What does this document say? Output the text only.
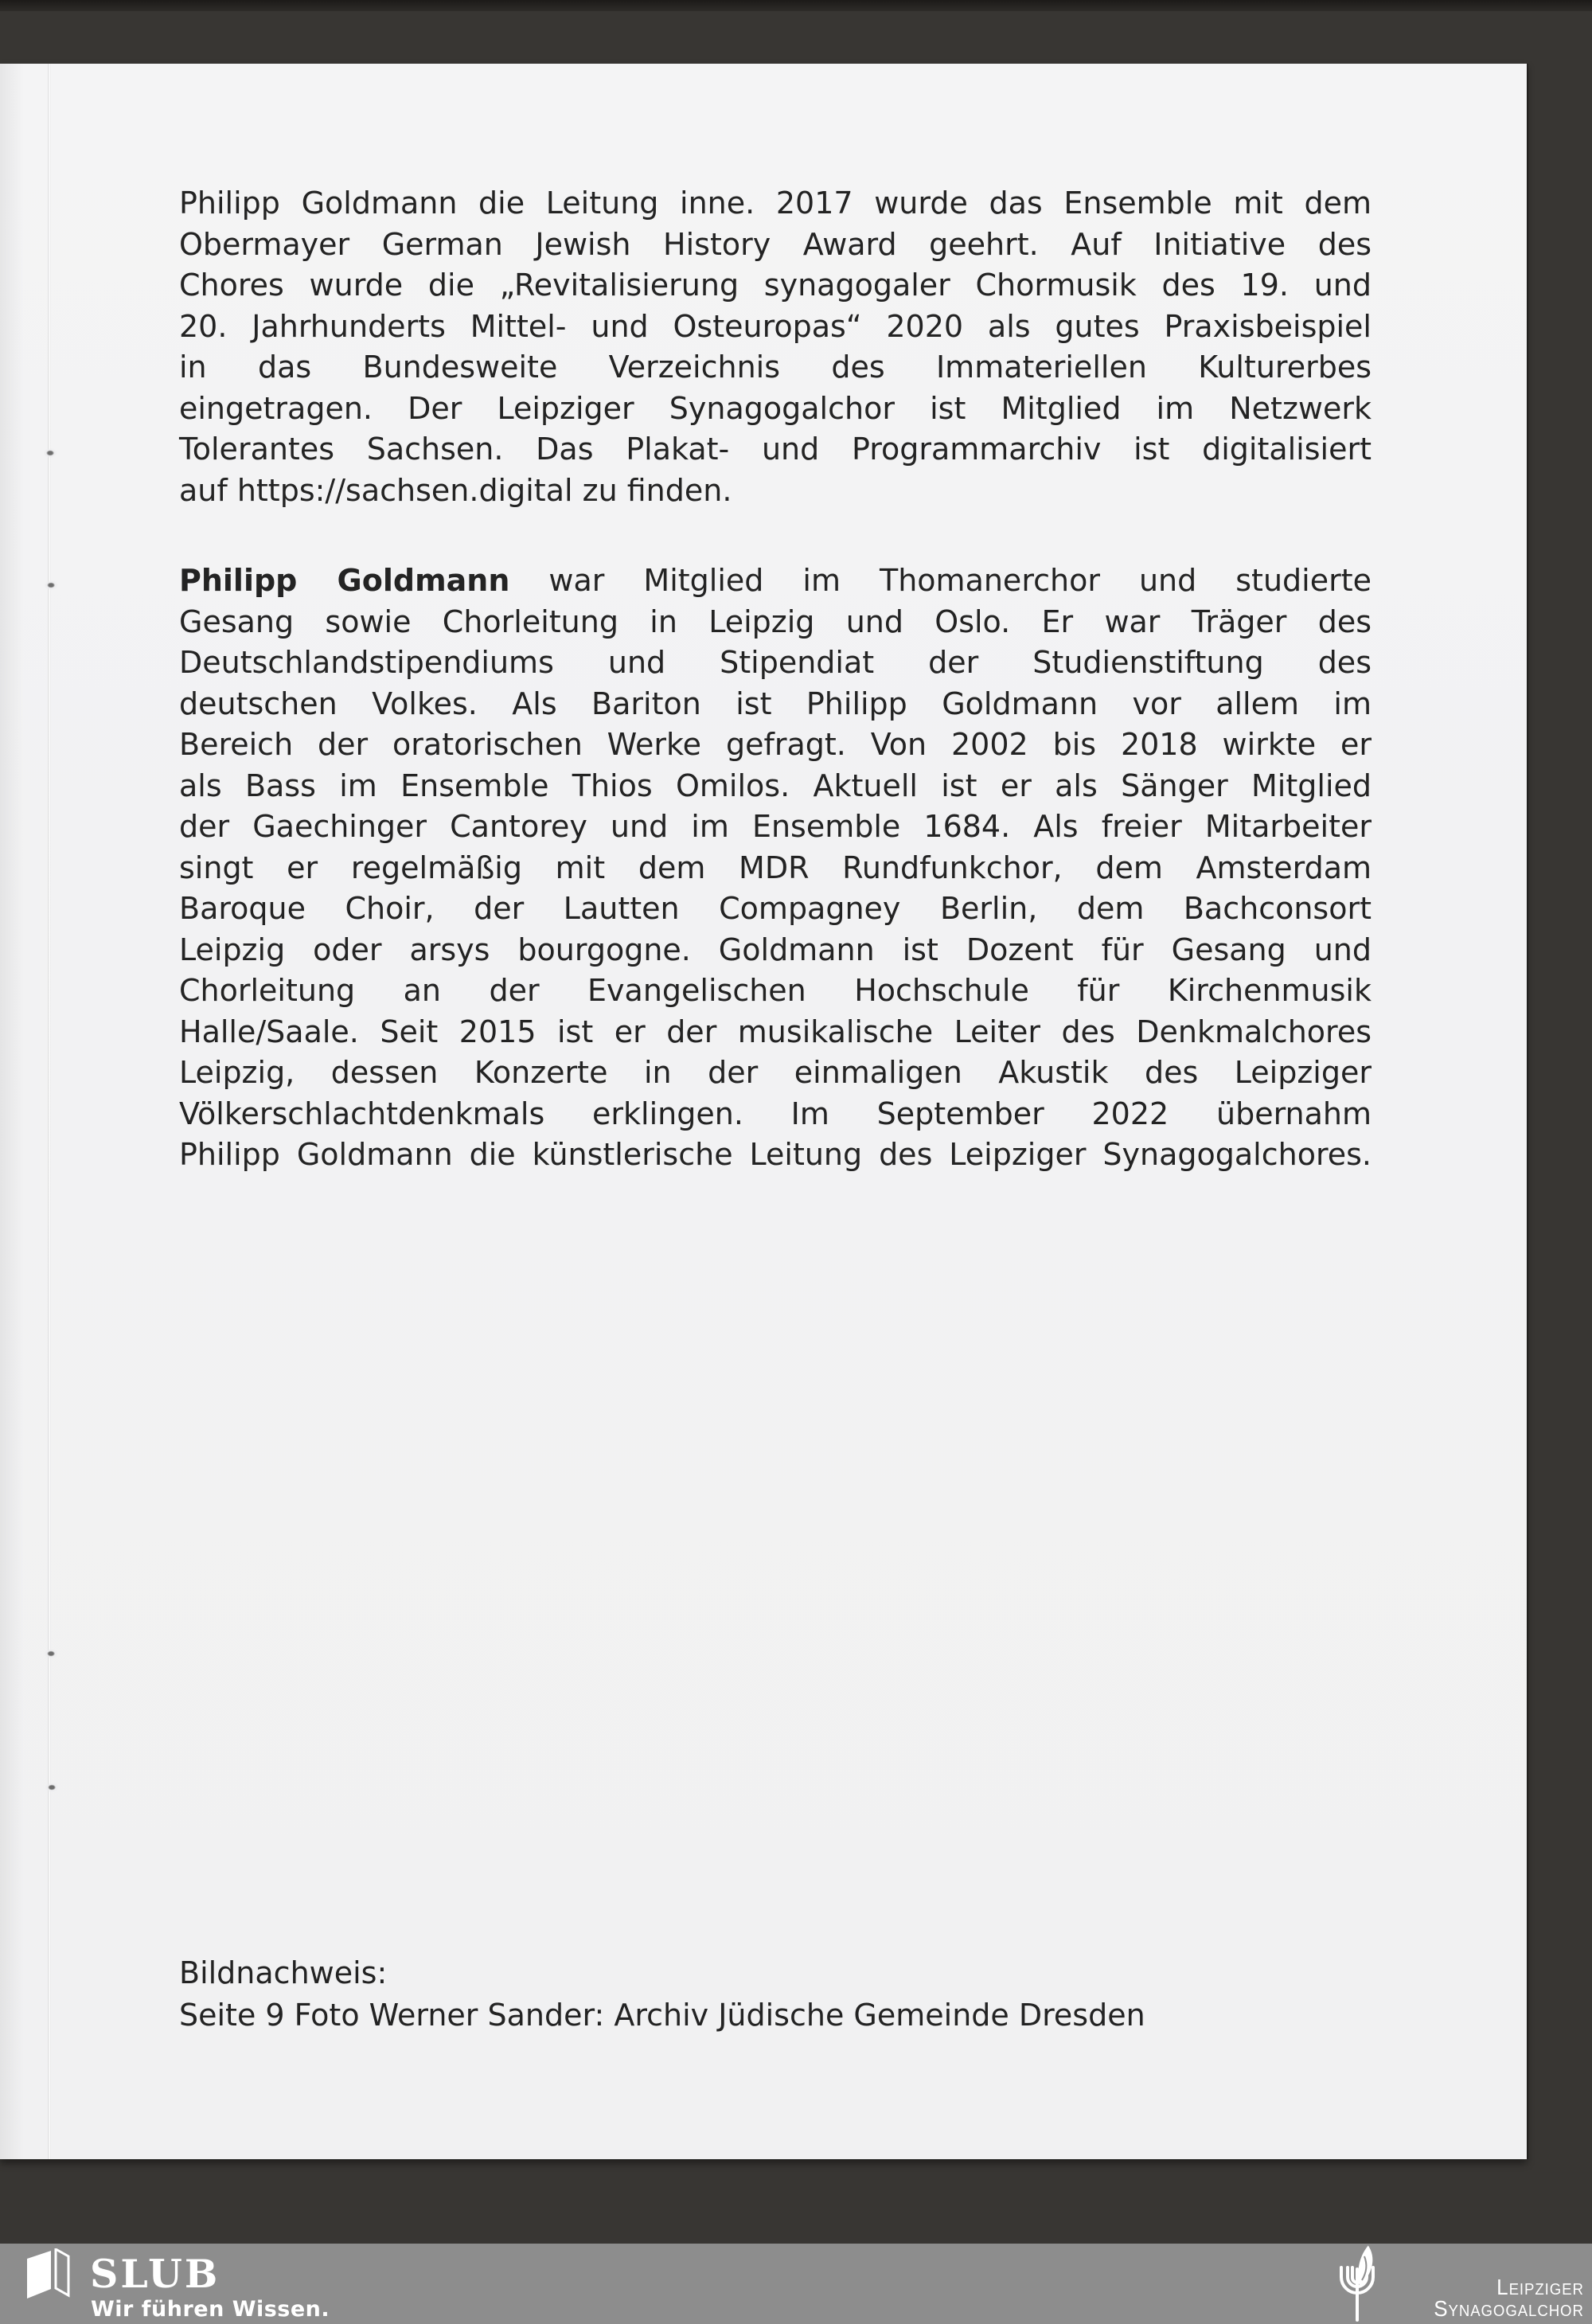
Philipp Goldmann die Leitung inne. 2017 wurde das Ensemble mit dem
Obermayer German Jewish History Award geehrt. Auf Initiative des
Chores wurde die „Revitalisierung synagogaler Chormusik des 19. und
20. Jahrhunderts Mittel- und Osteuropas“ 2020 als gutes Praxisbeispiel
in das Bundesweite Verzeichnis des Immateriellen Kulturerbes
eingetragen. Der Leipziger Synagogalchor ist Mitglied im Netzwerk
Tolerantes Sachsen. Das Plakat- und Programmarchiv ist digitalisiert
auf https://sachsen.digital zu finden.
Philipp Goldmann war Mitglied im Thomanerchor und studierte
Gesang sowie Chorleitung in Leipzig und Oslo. Er war Träger des
Deutschlandstipendiums und Stipendiat der Studienstiftung des
deutschen Volkes. Als Bariton ist Philipp Goldmann vor allem im
Bereich der oratorischen Werke gefragt. Von 2002 bis 2018 wirkte er
als Bass im Ensemble Thios Omilos. Aktuell ist er als Sänger Mitglied
der Gaechinger Cantorey und im Ensemble 1684. Als freier Mitarbeiter
singt er regelmäßig mit dem MDR Rundfunkchor, dem Amsterdam
Baroque Choir, der Lautten Compagney Berlin, dem Bachconsort
Leipzig oder arsys bourgogne. Goldmann ist Dozent für Gesang und
Chorleitung an der Evangelischen Hochschule für Kirchenmusik
Halle/Saale. Seit 2015 ist er der musikalische Leiter des Denkmalchores
Leipzig, dessen Konzerte in der einmaligen Akustik des Leipziger
Völkerschlachtdenkmals erklingen. Im September 2022 übernahm
Philipp Goldmann die künstlerische Leitung des Leipziger Synagogalchores.
Bildnachweis:
Seite 9 Foto Werner Sander: Archiv Jüdische Gemeinde Dresden
SLUB
Wir führen Wissen.
Leipziger
Synagogalchor
